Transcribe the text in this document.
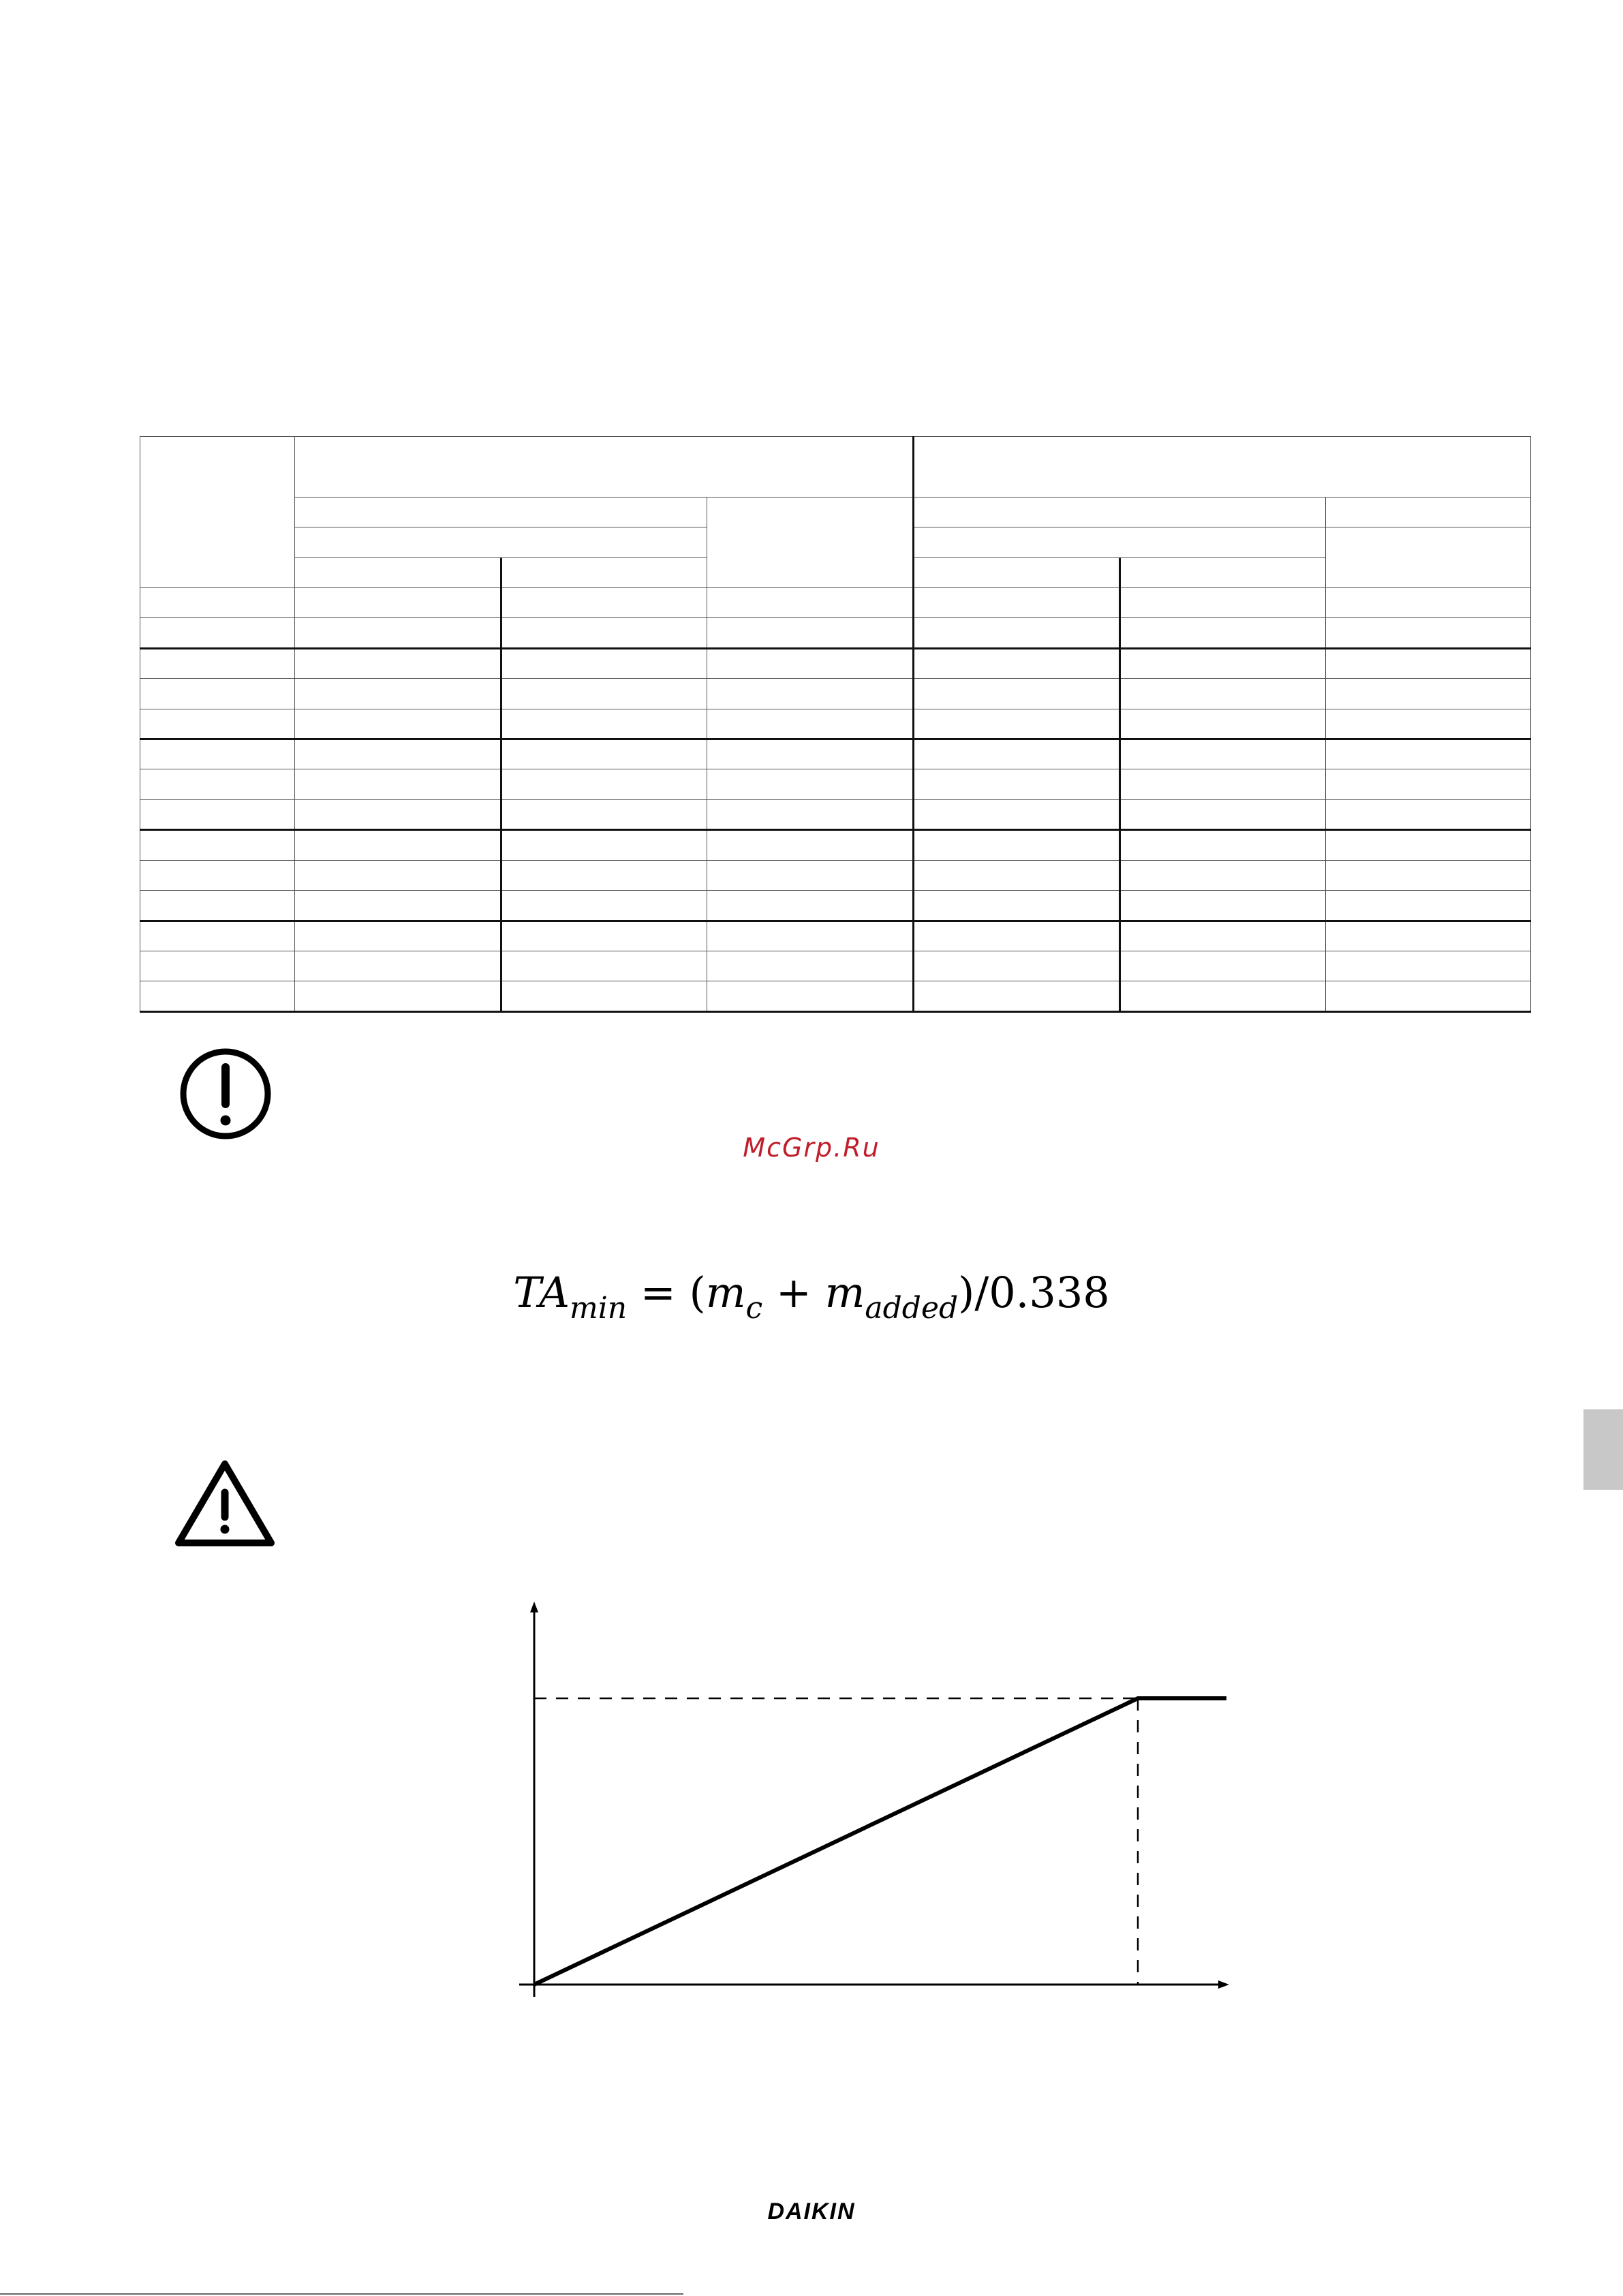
McGrp.Ru
$TA_{min} = (m_c + m_{added})/0.338$
DAIKIN
